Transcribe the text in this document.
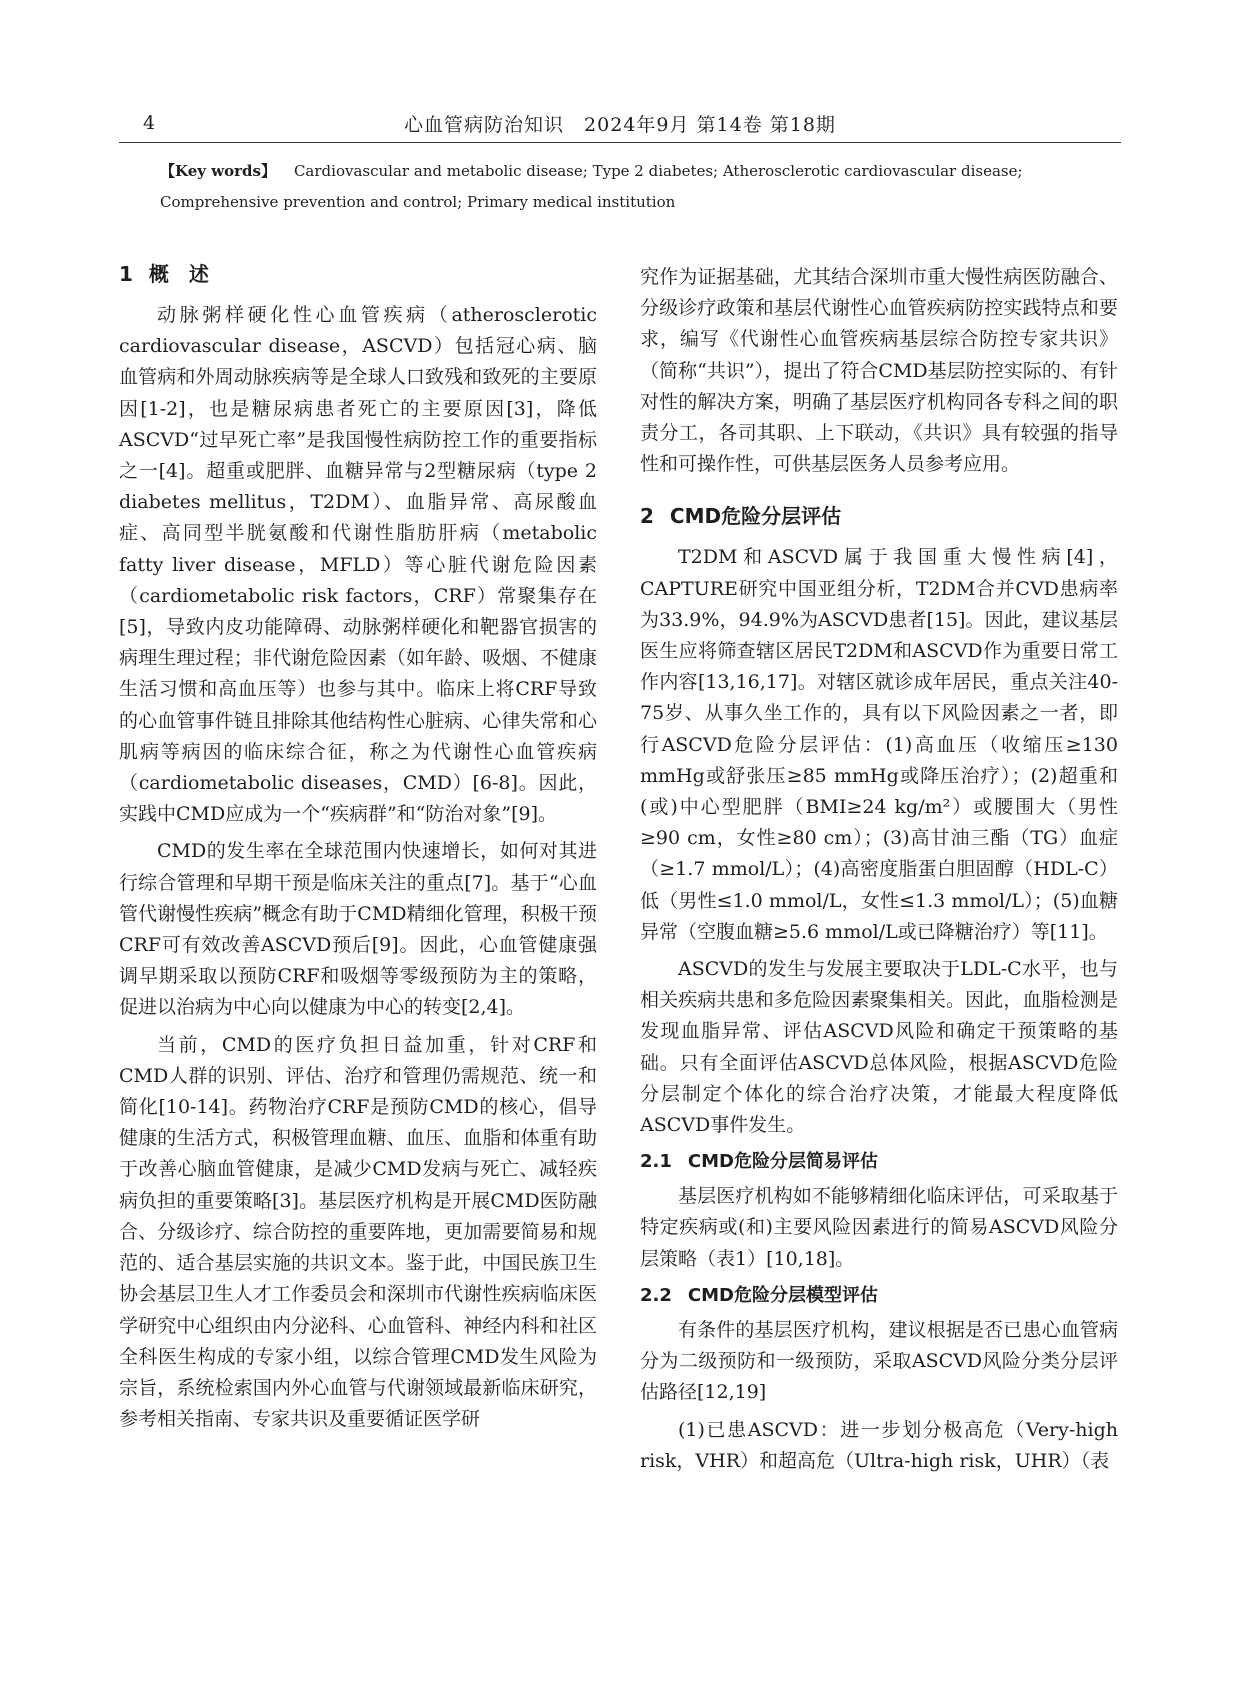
4	心血管病防治知识　2024年9月 第14卷 第18期
【Key words】 Cardiovascular and metabolic disease; Type 2 diabetes; Atherosclerotic cardiovascular disease; Comprehensive prevention and control; Primary medical institution
1 概　述

动脉粥样硬化性心血管疾病（atherosclerotic cardiovascular disease，ASCVD）包括冠心病、脑血管病和外周动脉疾病等是全球人口致残和致死的主要原因[1-2]，也是糖尿病患者死亡的主要原因[3]，降低ASCVD“过早死亡率”是我国慢性病防控工作的重要指标之一[4]。超重或肥胖、血糖异常与2型糖尿病（type 2 diabetes mellitus，T2DM）、血脂异常、高尿酸血症、高同型半胱氨酸和代谢性脂肪肝病（metabolic fatty liver disease，MFLD）等心脏代谢危险因素（cardiometabolic risk factors，CRF）常聚集存在[5]，导致内皮功能障碍、动脉粥样硬化和靶器官损害的病理生理过程；非代谢危险因素（如年龄、吸烟、不健康生活习惯和高血压等）也参与其中。临床上将CRF导致的心血管事件链且排除其他结构性心脏病、心律失常和心肌病等病因的临床综合征，称之为代谢性心血管疾病（cardiometabolic diseases，CMD）[6-8]。因此，实践中CMD应成为一个“疾病群”和“防治对象”[9]。

CMD的发生率在全球范围内快速增长，如何对其进行综合管理和早期干预是临床关注的重点[7]。基于“心血管代谢慢性疾病”概念有助于CMD精细化管理，积极干预CRF可有效改善ASCVD预后[9]。因此，心血管健康强调早期采取以预防CRF和吸烟等零级预防为主的策略，促进以治病为中心向以健康为中心的转变[2,4]。

当前，CMD的医疗负担日益加重，针对CRF和CMD人群的识别、评估、治疗和管理仍需规范、统一和简化[10-14]。药物治疗CRF是预防CMD的核心，倡导健康的生活方式，积极管理血糖、血压、血脂和体重有助于改善心脑血管健康，是减少CMD发病与死亡、减轻疾病负担的重要策略[3]。基层医疗机构是开展CMD医防融合、分级诊疗、综合防控的重要阵地，更加需要简易和规范的、适合基层实施的共识文本。鉴于此，中国民族卫生协会基层卫生人才工作委员会和深圳市代谢性疾病临床医学研究中心组织由内分泌科、心血管科、神经内科和社区全科医生构成的专家小组，以综合管理CMD发生风险为宗旨，系统检索国内外心血管与代谢领域最新临床研究，参考相关指南、专家共识及重要循证医学研

究作为证据基础，尤其结合深圳市重大慢性病医防融合、分级诊疗政策和基层代谢性心血管疾病防控实践特点和要求，编写《代谢性心血管疾病基层综合防控专家共识》（简称“共识”），提出了符合CMD基层防控实际的、有针对性的解决方案，明确了基层医疗机构同各专科之间的职责分工，各司其职、上下联动，《共识》具有较强的指导性和可操作性，可供基层医务人员参考应用。

2 CMD危险分层评估

T2DM和ASCVD属于我国重大慢性病[4]，CAPTURE研究中国亚组分析，T2DM合并CVD患病率为33.9%，94.9%为ASCVD患者[15]。因此，建议基层医生应将筛查辖区居民T2DM和ASCVD作为重要日常工作内容[13,16,17]。对辖区就诊成年居民，重点关注40-75岁、从事久坐工作的，具有以下风险因素之一者，即行ASCVD危险分层评估：(1)高血压（收缩压≥130 mmHg或舒张压≥85 mmHg或降压治疗）；(2)超重和(或)中心型肥胖（BMI≥24 kg/m²）或腰围大（男性≥90 cm，女性≥80 cm）；(3)高甘油三酯（TG）血症（≥1.7 mmol/L）；(4)高密度脂蛋白胆固醇（HDL-C）低（男性≤1.0 mmol/L，女性≤1.3 mmol/L）；(5)血糖异常（空腹血糖≥5.6 mmol/L或已降糖治疗）等[11]。

ASCVD的发生与发展主要取决于LDL-C水平，也与相关疾病共患和多危险因素聚集相关。因此，血脂检测是发现血脂异常、评估ASCVD风险和确定干预策略的基础。只有全面评估ASCVD总体风险，根据ASCVD危险分层制定个体化的综合治疗决策，才能最大程度降低ASCVD事件发生。

2.1 CMD危险分层简易评估

基层医疗机构如不能够精细化临床评估，可采取基于特定疾病或(和)主要风险因素进行的简易ASCVD风险分层策略（表1）[10,18]。

2.2 CMD危险分层模型评估

有条件的基层医疗机构，建议根据是否已患心血管病分为二级预防和一级预防，采取ASCVD风险分类分层评估路径[12,19]

(1)已患ASCVD：进一步划分极高危（Very-high risk，VHR）和超高危（Ultra-high risk，UHR）（表
